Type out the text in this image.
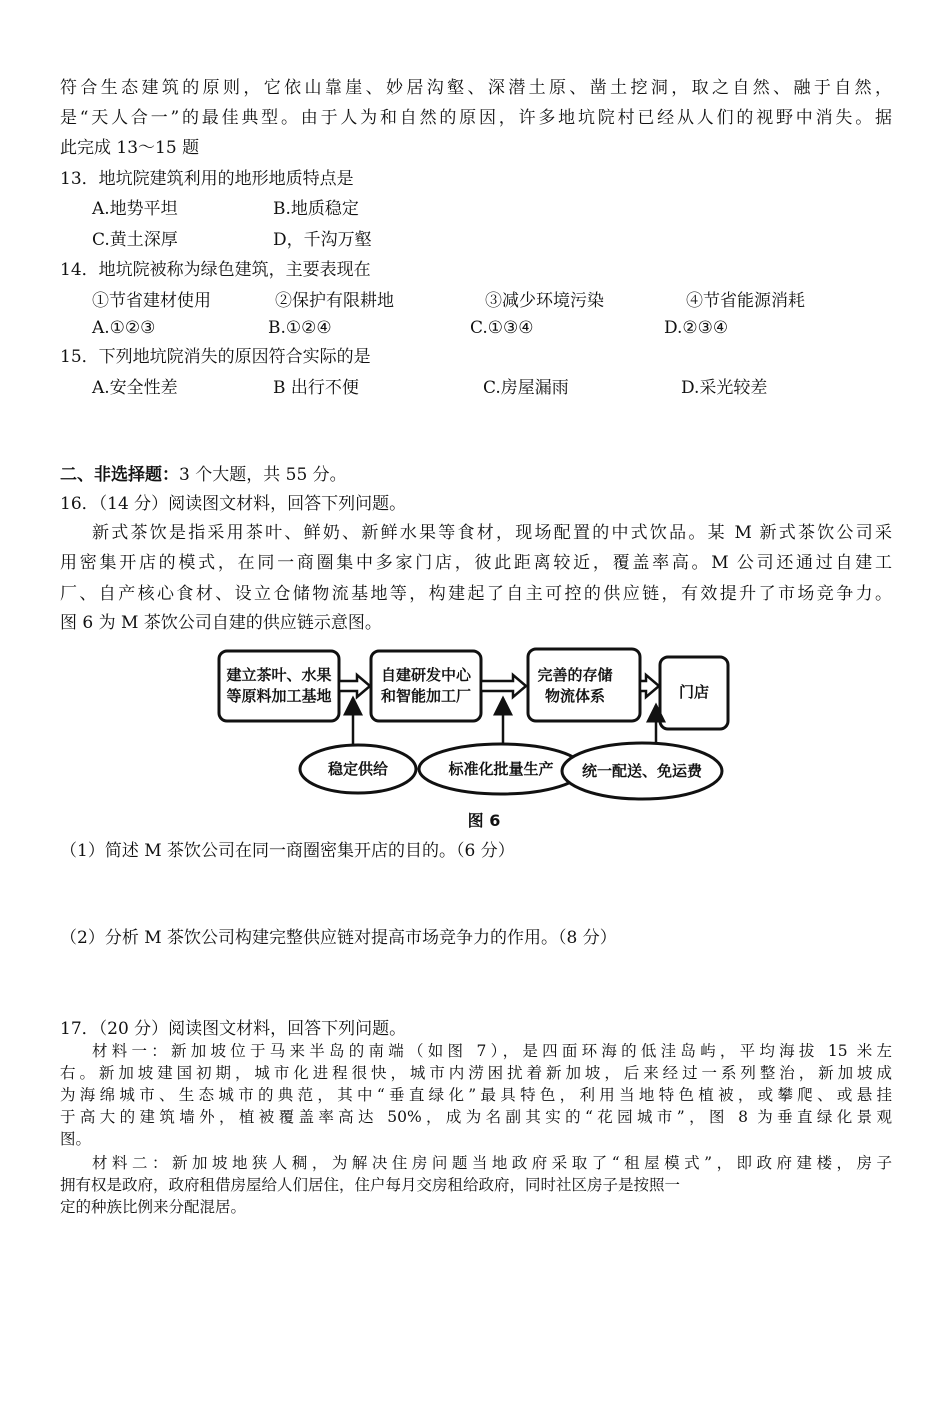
符合生态建筑的原则，它依山靠崖、妙居沟壑、深潜土原、凿土挖洞，取之自然、融于自然，
是“天人合一”的最佳典型。由于人为和自然的原因，许多地坑院村已经从人们的视野中消失。据
此完成 13～15 题
13．地坑院建筑利用的地形地质特点是
A.地势平坦	B.地质稳定
C.黄土深厚	D，千沟万壑
14．地坑院被称为绿色建筑，主要表现在
①节省建材使用	②保护有限耕地	③减少环境污染	④节省能源消耗
A.①②③	B.①②④	C.①③④	D.②③④
15．下列地坑院消失的原因符合实际的是
A.安全性差	B 出行不便	C.房屋漏雨	D.采光较差
二、非选择题：3 个大题，共 55 分。
16．（14 分）阅读图文材料，回答下列问题。
新式茶饮是指采用茶叶、鲜奶、新鲜水果等食材，现场配置的中式饮品。某 M 新式茶饮公司采
用密集开店的模式，在同一商圈集中多家门店，彼此距离较近，覆盖率高。M 公司还通过自建工
厂、自产核心食材、设立仓储物流基地等，构建起了自主可控的供应链，有效提升了市场竞争力。
图 6 为 M 茶饮公司自建的供应链示意图。
建立茶叶、水果
等原料加工基地
自建研发中心
和智能加工厂
完善的存储
物流体系	门店
稳定供给	标准化批量生产 统一配送、免运费
图 6
（1）简述 M 茶饮公司在同一商圈密集开店的目的。（6 分）
（2）分析 M 茶饮公司构建完整供应链对提高市场竞争力的作用。（8 分）
17．（20 分）阅读图文材料，回答下列问题。
材料一：新加坡位于马来半岛的南端（如图 7），是四面环海的低洼岛屿，平均海拔 15 米左
右。新加坡建国初期，城市化进程很快，城市内涝困扰着新加坡，后来经过一系列整治，新加坡成
为海绵城市、生态城市的典范，其中“垂直绿化”最具特色，利用当地特色植被，或攀爬、或悬挂
于高大的建筑墙外，植被覆盖率高达 50%，成为名副其实的“花园城市”，图 8 为垂直绿化景观
图。
材料二：新加坡地狭人稠，为解决住房问题当地政府采取了“租屋模式”，即政府建楼，房子
拥有权是政府，政府租借房屋给人们居住，住户每月交房租给政府，同时社区房子是按照一
定的种族比例来分配混居。
